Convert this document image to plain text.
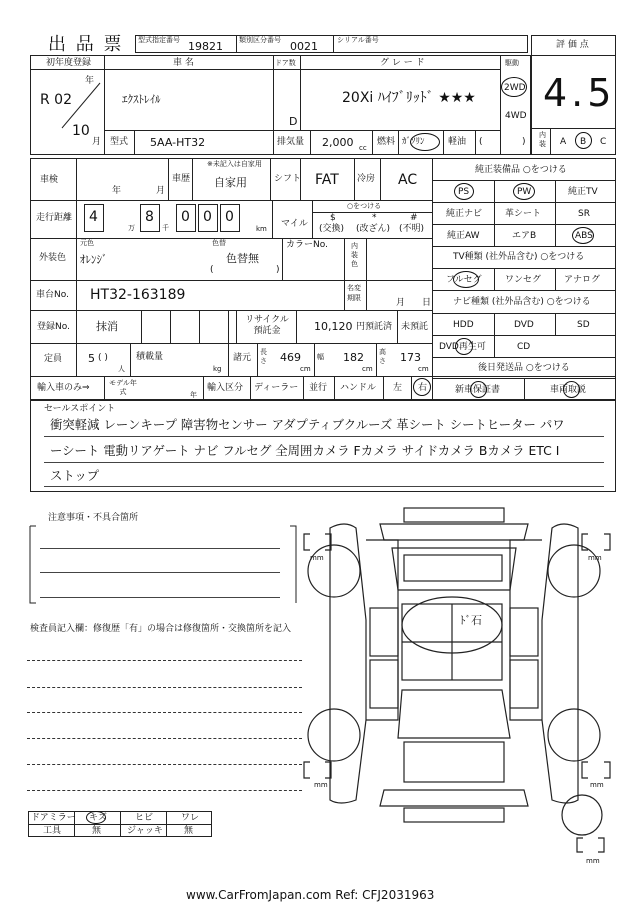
出 品 票 型式指定番号 19821 類別区分番号 0021	シリアル番号	評 価 点
4.5
初年度登録
R 02
年
10
月
車 名
ｴｸｽﾄﾚｲﾙ
ドア数
D
グ レ ー ド
20Xi ﾊｲﾌﾞﾘｯﾄﾞ ★★★
駆動
2WD
4WD
型式 5AA-HT32	排気量 2,000 cc
燃料 ｶﾞｿﾘﾝ	軽油 (	)
内装 A B C
車検
年	月
車歴
※未記入は自家用
自家用	シフト FAT 冷房 AC
走行距離 4
万
8
千
0 0 0
km マイル
○をつける
$
(交換)
*
(改ざん)
#
(不明)
外装色
元色
ｵﾚﾝｼﾞ
色替
色替無
(	)
カラーNo.	内装色
車台No. HT32-163189	名変期限	月 日
登録No. 抹消	リサイクル預託金	10,120 円預託済 未預託
定員 5 ( )
人
積載量
kg
諸元
長さ 469
cm
幅 182
cm
高さ 173
cm
輸入車のみ⇒	モデル年式	年
輸入区分 ディーラー 並行 ハンドル 左 右
純正装備品 ○をつける
PS	PW	純正TV
純正ナビ	革シート	SR
純正AW	エアB	ABS
TV種類 (社外品含む) ○をつける
フルセグ	ワンセグ	アナログ
ナビ種類 (社外品含む) ○をつける
HDD	DVD	SD
DVD再生可	CD
後日発送品 ○をつける
新車保証書	車両取説
セールスポイント
衝突軽減 レーンキープ 障害物センサー アダプティブクルーズ 革シート シートヒーター パワ
ーシート 電動リアゲート ナビ フルセグ 全周囲カメラ Fカメラ サイドカメラ Bカメラ ETC I
ストップ
注意事項・不具合箇所
検査員記入欄：修復歴「有」の場合は修復箇所・交換箇所を記入
ドアミラー キズ	ヒビ	ワレ
工具	無	ジャッキ 無
ﾄﾞ石
mm	mm
mm	mm
mm
www.CarFromJapan.com Ref: CFJ2031963
